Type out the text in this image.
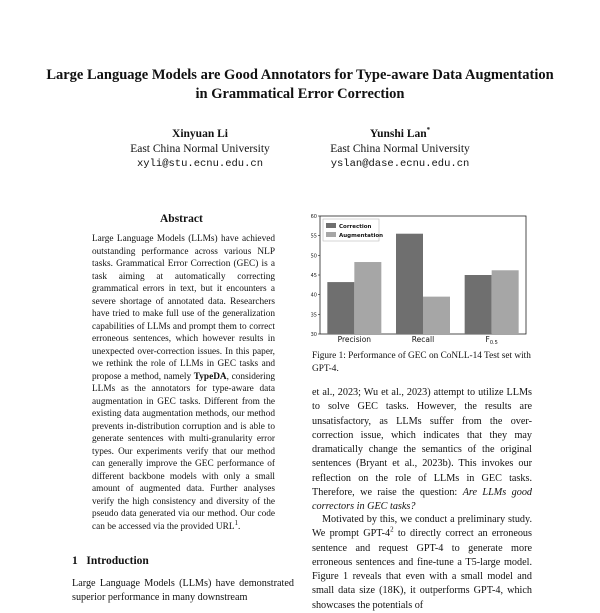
Large Language Models are Good Annotators for Type-aware Data Augmentation in Grammatical Error Correction
Xinyuan Li
East China Normal University
xyli@stu.ecnu.edu.cn
Yunshi Lan*
East China Normal University
yslan@dase.ecnu.edu.cn
Abstract
Large Language Models (LLMs) have achieved outstanding performance across various NLP tasks. Grammatical Error Correction (GEC) is a task aiming at automatically correcting grammatical errors in text, but it encounters a severe shortage of annotated data. Researchers have tried to make full use of the generalization capabilities of LLMs and prompt them to correct erroneous sentences, which however results in unexpected over-correction issues. In this paper, we rethink the role of LLMs in GEC tasks and propose a method, namely TypeDA, considering LLMs as the annotators for type-aware data augmentation in GEC tasks. Different from the existing data augmentation methods, our method prevents in-distribution corruption and is able to generate sentences with multi-granularity error types. Our experiments verify that our method can generally improve the GEC performance of different backbone models with only a small amount of augmented data. Further analyses verify the high consistency and diversity of the pseudo data generated via our method. Our code can be accessed via the provided URL$^1$.
1   Introduction
Large Language Models (LLMs) have demonstrated superior performance in many downstream
30
35
40
45
50
55
60
Precision	Recall	$F_{0.5}$
Correction
Augmentation
Figure 1: Performance of GEC on CoNLL-14 Test set with GPT-4.
et al., 2023; Wu et al., 2023) attempt to utilize LLMs to solve GEC tasks. However, the results are unsatisfactory, as LLMs suffer from the over-correction issue, which indicates that they may dramatically change the semantics of the original sentences (Bryant et al., 2023b). This invokes our reflection on the role of LLMs in GEC tasks. Therefore, we raise the question: Are LLMs good correctors in GEC tasks?
Motivated by this, we conduct a preliminary study. We prompt GPT-$4^2$ to directly correct an erroneous sentence and request GPT-4 to generate more erroneous sentences and fine-tune a T5-large model. Figure 1 reveals that even with a small model and small data size (18K), it outperforms GPT-4, which showcases the potentials of
